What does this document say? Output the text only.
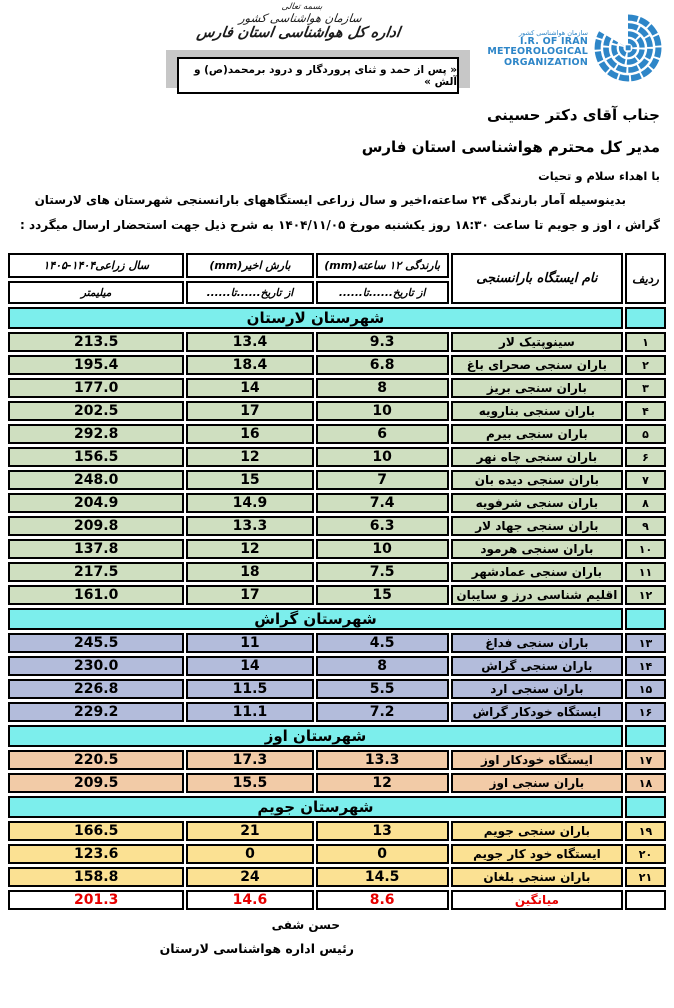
سازمان هواشناسی کشور
I.R. OF IRAN
METEOROLOGICAL
ORGANIZATION
بسمه تعالی
سازمان هواشناسی کشور
اداره کل هواشناسی استان فارس
« پس از حمد و ثنای پروردگار و درود برمحمد(ص) و آلش »
جناب آقای دکتر حسینی
مدیر کل محترم هواشناسی استان فارس
با اهداء سلام و تحیات
بدینوسیله آمار بارندگی ۲۴ ساعته،اخیر و سال زراعی ایستگاههای بارانسنجی شهرستان های لارستان
گراش ، اوز و جویم تا ساعت ۱۸:۳۰ روز یکشنبه مورخ ۱۴۰۴/۱۱/۰۵ به شرح ذیل جهت استحضار ارسال میگردد :
ردیف	نام ایستگاه بارانسنجی	بارندگی ۱۲ ساعته(mm)	بارش اخیر(mm)	سال زراعی۱۴۰۴-۱۴۰۵
		از تاریخ......تا......	از تاریخ......تا......	میلیمتر
	شهرستان لارستان			
۱	سینوپتیک لار	9.3	13.4	213.5
۲	باران سنجی صحرای باغ	6.8	18.4	195.4
۳	باران سنجی بریز	8	14	177.0
۴	باران سنجی بنارویه	10	17	202.5
۵	باران سنجی بیرم	6	16	292.8
۶	باران سنجی چاه نهر	10	12	156.5
۷	باران سنجی دیده بان	7	15	248.0
۸	باران سنجی شرفویه	7.4	14.9	204.9
۹	باران سنجی جهاد لار	6.3	13.3	209.8
۱۰	باران سنجی هرمود	10	12	137.8
۱۱	باران سنجی عمادشهر	7.5	18	217.5
۱۲	اقلیم شناسی درز و سایبان	15	17	161.0
	شهرستان گراش			
۱۳	باران سنجی فداغ	4.5	11	245.5
۱۴	باران سنجی گراش	8	14	230.0
۱۵	باران سنجی ارد	5.5	11.5	226.8
۱۶	ایستگاه خودکار گراش	7.2	11.1	229.2
	شهرستان اوز			
۱۷	ایستگاه خودکار اوز	13.3	17.3	220.5
۱۸	باران سنجی اوز	12	15.5	209.5
	شهرستان جویم			
۱۹	باران سنجی جویم	13	21	166.5
۲۰	ایستگاه خود کار جویم	0	0	123.6
۲۱	باران سنجی بلغان	14.5	24	158.8
	میانگین	8.6	14.6	201.3
حسن شفی
رئیس اداره هواشناسی لارستان
